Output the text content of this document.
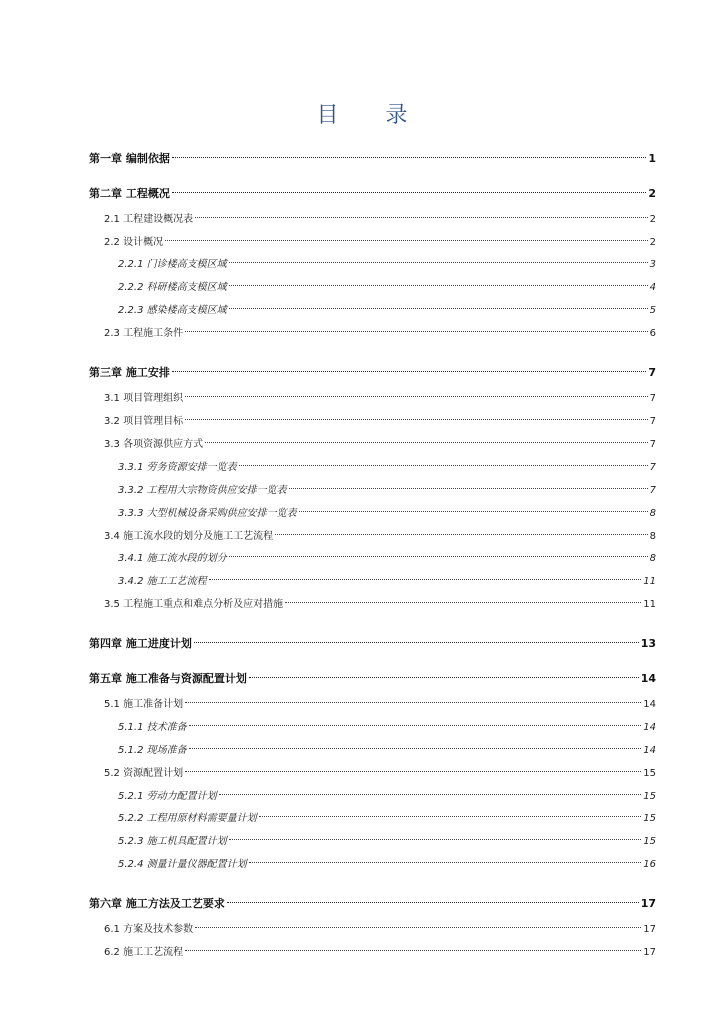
目 录
第一章 编制依据	1
第二章 工程概况	2
2.1 工程建设概况表	2
2.2 设计概况	2
2.2.1 门诊楼高支模区域	3
2.2.2 科研楼高支模区域	4
2.2.3 感染楼高支模区域	5
2.3 工程施工条件	6
第三章 施工安排	7
3.1 项目管理组织	7
3.2 项目管理目标	7
3.3 各项资源供应方式	7
3.3.1 劳务资源安排一览表	7
3.3.2 工程用大宗物资供应安排一览表	7
3.3.3 大型机械设备采购供应安排一览表	8
3.4 施工流水段的划分及施工工艺流程	8
3.4.1 施工流水段的划分	8
3.4.2 施工工艺流程	11
3.5 工程施工重点和难点分析及应对措施	11
第四章 施工进度计划	13
第五章 施工准备与资源配置计划	14
5.1 施工准备计划	14
5.1.1 技术准备	14
5.1.2 现场准备	14
5.2 资源配置计划	15
5.2.1 劳动力配置计划	15
5.2.2 工程用原材料需要量计划	15
5.2.3 施工机具配置计划	15
5.2.4 测量计量仪器配置计划	16
第六章 施工方法及工艺要求	17
6.1 方案及技术参数	17
6.2 施工工艺流程	17
